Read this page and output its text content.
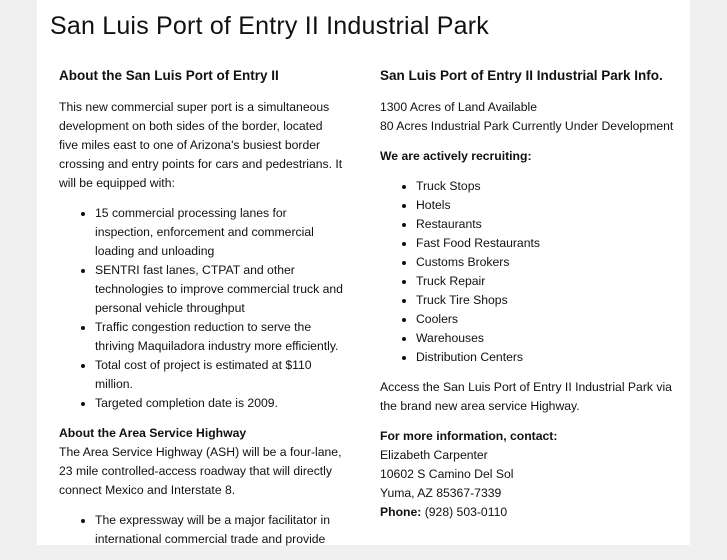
San Luis Port of Entry II Industrial Park
About the San Luis Port of Entry II

This new commercial super port is a simultaneous development on both sides of the border, located five miles east to one of Arizona's busiest border crossing and entry points for cars and pedestrians. It will be equipped with:

• 15 commercial processing lanes for inspection, enforcement and commercial loading and unloading
• SENTRI fast lanes, CTPAT and other technologies to improve commercial truck and personal vehicle throughput
• Traffic congestion reduction to serve the thriving Maquiladora industry more efficiently.
• Total cost of project is estimated at $110 million.
• Targeted completion date is 2009.

About the Area Service Highway
The Area Service Highway (ASH) will be a four-lane, 23 mile controlled-access roadway that will directly connect Mexico and Interstate 8.

• The expressway will be a major facilitator in international commercial trade and provide
San Luis Port of Entry II Industrial Park Info.

1300 Acres of Land Available
80 Acres Industrial Park Currently Under Development

We are actively recruiting:

• Truck Stops
• Hotels
• Restaurants
• Fast Food Restaurants
• Customs Brokers
• Truck Repair
• Truck Tire Shops
• Coolers
• Warehouses
• Distribution Centers

Access the San Luis Port of Entry II Industrial Park via the brand new area service Highway.

For more information, contact:
Elizabeth Carpenter
10602 S Camino Del Sol
Yuma, AZ 85367-7339
Phone: (928) 503-0110
